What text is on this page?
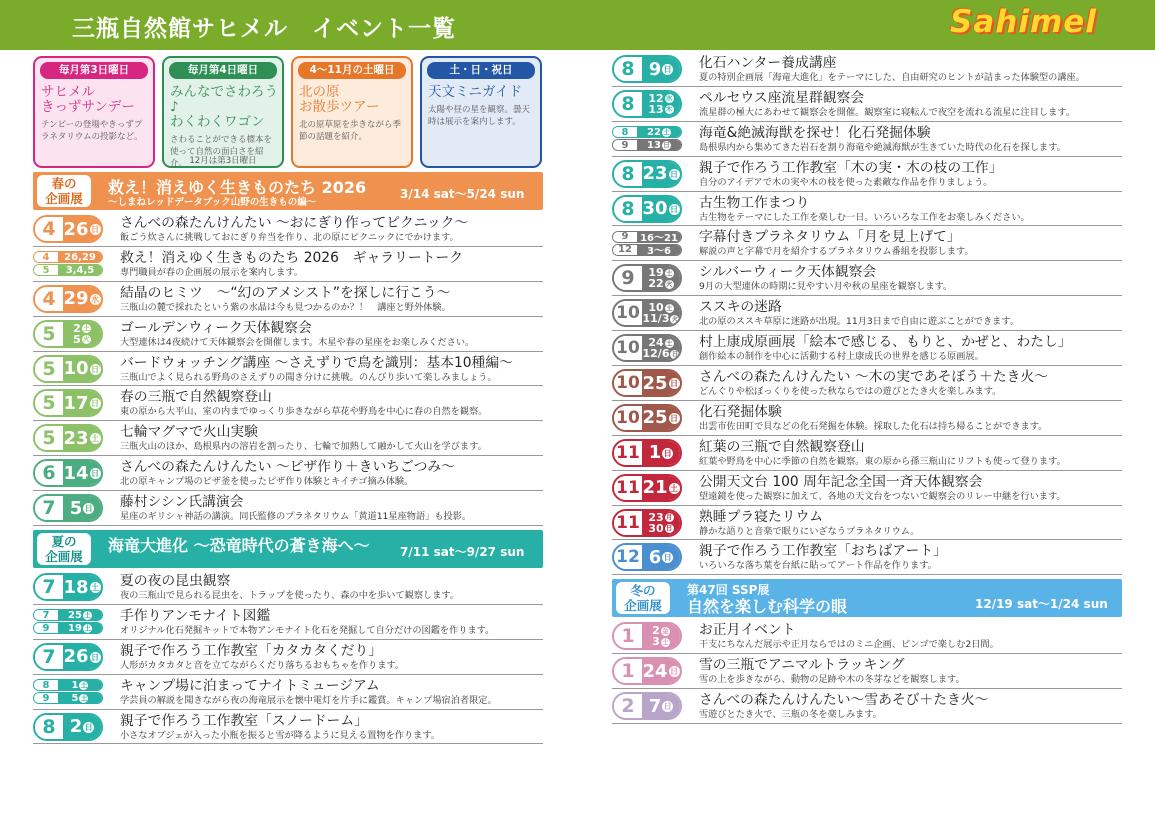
三瓶自然館サヒメル　イベント一覧	Sahimel
毎月第3日曜日
サヒメル
きっずサンデー
テンピーの登場やきっずプラネタリウムの投影など。
毎月第4日曜日
みんなでさわろう♪
わくわくワゴン
さわることができる標本を使って自然の面白さを紹介。 12月は第3日曜日
4〜11月の土曜日
北の原
お散歩ツアー
北の原草原を歩きながら季節の話題を紹介。
土・日・祝日
天文ミニガイド
太陽や昼の星を観察。曇天時は展示を案内します。
春の
企画展
救え！消えゆく生きものたち 2026
〜しまねレッドデータブック山野の生きもの編〜
3/14 sat〜5/24 sun
4 26 日 さんべの森たんけんたい ～おにぎり作ってピクニック～
飯ごう炊さんに挑戦しておにぎり弁当を作り、北の原にピクニックにでかけます。
4	26,29
5	3,4,5
救え！消えゆく生きものたち 2026　ギャラリートーク
専門職員が春の企画展の展示を案内します。
4 29 水 結晶のヒミツ　～“幻のアメシスト”を探しに行こう～
三瓶山の麓で採れたという紫の水晶は今も見つかるのか？！　講座と野外体験。
5	2 土
5 火
ゴールデンウィーク天体観察会
大型連休は4夜続けて天体観察会を開催します。木星や春の星座をお楽しみください。
5 10 日 バードウォッチング講座 ～さえずりで鳥を識別：基本10種編～
三瓶山でよく見られる野鳥のさえずりの聞き分けに挑戦。のんびり歩いて楽しみましょう。
5 17 日 春の三瓶で自然観察登山
東の原から大平山、室の内までゆっくり歩きながら草花や野鳥を中心に春の自然を観察。
5 23 土 七輪マグマで火山実験
三瓶火山のほか、島根県内の溶岩を割ったり、七輪で加熱して融かして火山を学びます。
6 14 日 さんべの森たんけんたい ～ピザ作り＋きいちごつみ～
北の原キャンプ場のピザ釜を使ったピザ作り体験とキイチゴ摘み体験。
7 5 日 藤村シシン氏講演会
星座のギリシャ神話の講演。同氏監修のプラネタリウム「黄道11星座物語」も投影。
夏の
企画展
海竜大進化 ～恐竜時代の蒼き海へ～	7/11 sat〜9/27 sun
7 18 土 夏の夜の昆虫観察
夜の三瓶山で見られる昆虫を、トラップを使ったり、森の中を歩いて観察します。
7	25 土
9	19 土
手作りアンモナイト図鑑
オリジナル化石発掘キットで本物アンモナイト化石を発掘して自分だけの図鑑を作ります。
7 26 日 親子で作ろう工作教室「カタカタくだり」
人形がカタカタと音を立てながらくだり落ちるおもちゃを作ります。
8	1 土
9	5 土
キャンプ場に泊まってナイトミュージアム
学芸員の解説を聞きながら夜の海竜展示を懐中電灯を片手に鑑賞。キャンプ場宿泊者限定。
8 2 日 親子で作ろう工作教室「スノードーム」
小さなオブジェが入った小瓶を振ると雪が降るように見える置物を作ります。
8 9 日 化石ハンター養成講座
夏の特別企画展「海竜大進化」をテーマにした、自由研究のヒントが詰まった体験型の講座。
8	12 水
13 木
ペルセウス座流星群観察会
流星群の極大にあわせて観察会を開催。観察室に寝転んで夜空を流れる流星に注目します。
8	22 土
9	13 日
海竜&絶滅海獣を探せ！化石発掘体験
島根県内から集めてきた岩石を割り海竜や絶滅海獣が生きていた時代の化石を探します。
8 23 日 親子で作ろう工作教室「木の実・木の枝の工作」
自分のアイデアで木の実や木の枝を使った素敵な作品を作りましょう。
8 30 日 古生物工作まつり
古生物をテーマにした工作を楽しむ一日。いろいろな工作をお楽しみください。
9	16〜21
12	3〜6
字幕付きプラネタリウム「月を見上げて」
解説の声と字幕で月を紹介するプラネタリウム番組を投影します。
9	19 土
22 火
シルバーウィーク天体観察会
9月の大型連休の時期に見やすい月や秋の星座を観察します。
10 10 土
11/3 火
ススキの迷路
北の原のススキ草原に迷路が出現。11月3日まで自由に遊ぶことができます。
10 24 土
12/6 日
村上康成原画展「絵本で感じる、もりと、かぜと、わたし」
創作絵本の制作を中心に活動する村上康成氏の世界を感じる原画展。
10 25 日 さんべの森たんけんたい ～木の実であそぼう＋たき火～
どんぐりや松ぼっくりを使った秋ならではの遊びとたき火を楽しみます。
10 25 日 化石発掘体験
出雲市佐田町で貝などの化石発掘を体験。採取した化石は持ち帰ることができます。
11 1 日 紅葉の三瓶で自然観察登山
紅葉や野鳥を中心に季節の自然を観察。東の原から孫三瓶山にリフトも使って登ります。
11 21 土 公開天文台 100 周年記念全国一斉天体観察会
望遠鏡を使った観察に加えて、各地の天文台をつないで観察会のリレー中継を行います。
11 23 月
30 日
熟睡プラ寝たリウム
静かな語りと音楽で眠りにいざなうプラネタリウム。
12 6 日 親子で作ろう工作教室「おちばアート」
いろいろな落ち葉を台紙に貼ってアート作品を作ります。
冬の
企画展
第47回 SSP展
自然を楽しむ科学の眼	12/19 sat〜1/24 sun
1	2 金
3 土
お正月イベント
干支にちなんだ展示や正月ならではのミニ企画、ビンゴで楽しむ2日間。
1 24 日 雪の三瓶でアニマルトラッキング
雪の上を歩きながら、動物の足跡や木の冬芽などを観察します。
2 7 日 さんべの森たんけんたい～雪あそび＋たき火～
雪遊びとたき火で、三瓶の冬を楽しみます。
